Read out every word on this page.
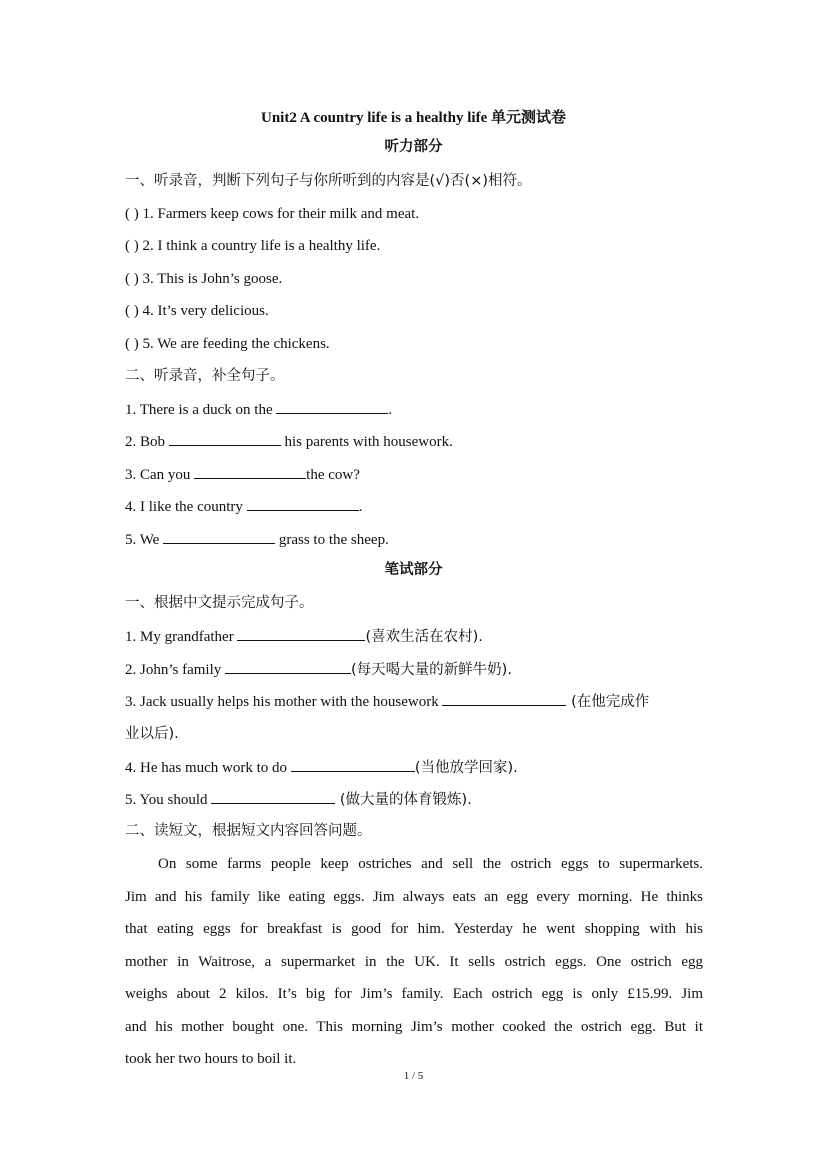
Unit2 A country life is a healthy life 单元测试卷
听力部分
一、听录音，判断下列句子与你所听到的内容是(√)否(×)相符。
( ) 1. Farmers keep cows for their milk and meat.
( ) 2. I think a country life is a healthy life.
( ) 3. This is John’s goose.
( ) 4. It’s very delicious.
( ) 5. We are feeding the chickens.
二、听录音，补全句子。
1. There is a duck on the	.
2. Bob	his parents with housework.
3. Can you	the cow?
4. I like the country	.
5. We	grass to the sheep.
笔试部分
一、根据中文提示完成句子。
1. My grandfather	(喜欢生活在农村).
2. John’s family	(每天喝大量的新鲜牛奶).
3. Jack usually helps his mother with the housework	(在他完成作
业以后).
4. He has much work to do	(当他放学回家).
5. You should	(做大量的体育锻炼).
二、读短文，根据短文内容回答问题。
On some farms people keep ostriches and sell the ostrich eggs to supermarkets.
Jim and his family like eating eggs. Jim always eats an egg every morning. He thinks
that eating eggs for breakfast is good for him. Yesterday he went shopping with his
mother in Waitrose, a supermarket in the UK. It sells ostrich eggs. One ostrich egg
weighs about 2 kilos. It’s big for Jim’s family. Each ostrich egg is only £15.99. Jim
and his mother bought one. This morning Jim’s mother cooked the ostrich egg. But it
took her two hours to boil it.
1 / 5
